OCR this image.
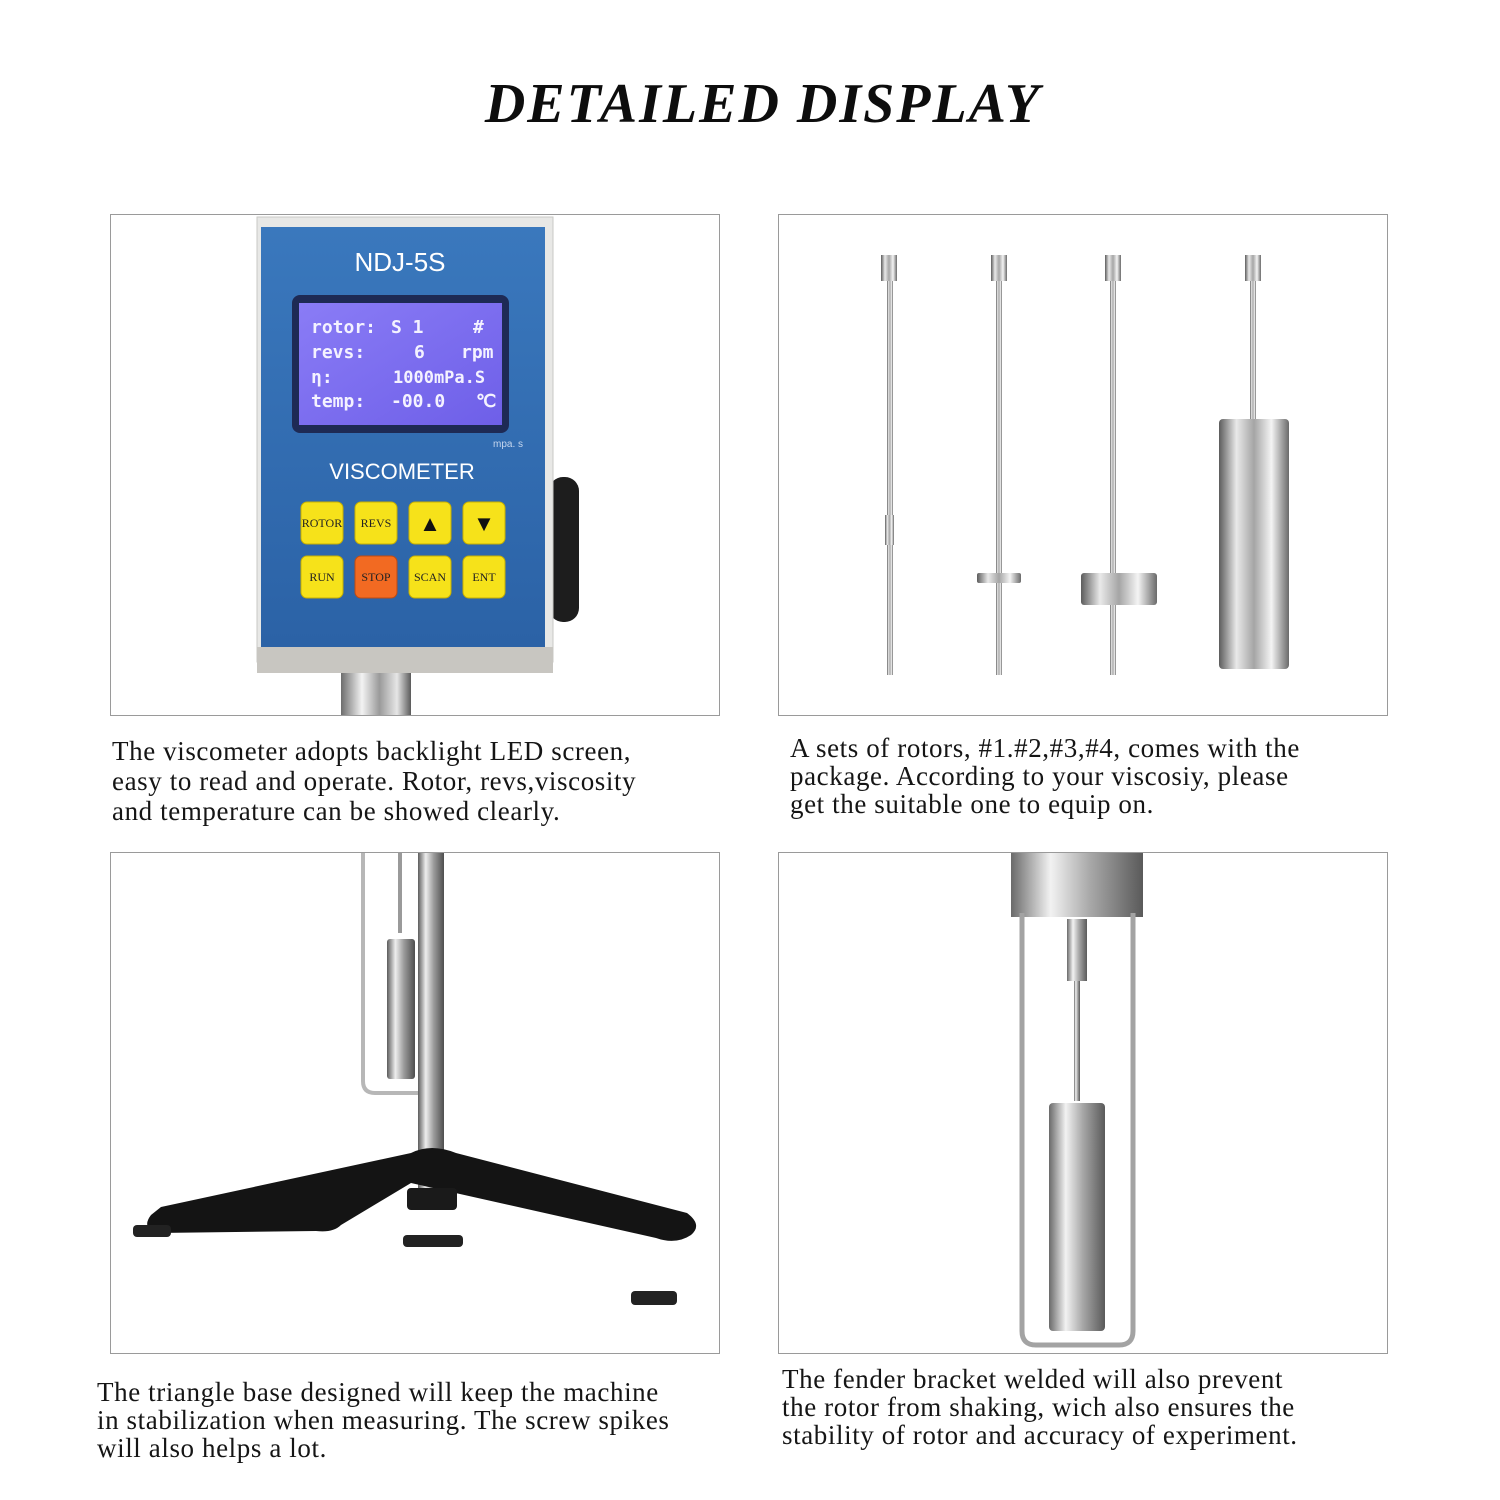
DETAILED DISPLAY
NDJ-5S
rotor: S 1	#
revs:	6 rpm
η:	1000mPa.S
temp: -00.0 ℃
mpa. s
VISCOMETER
ROTOR REVS ▲ ▼
RUN STOP SCAN ENT
The viscometer adopts backlight LED screen,
easy to read and operate. Rotor, revs,viscosity
and temperature can be showed clearly.
A sets of rotors, #1.#2,#3,#4, comes with the
package. According to your viscosiy, please
get the suitable one to equip on.
The triangle base designed will keep the machine
in stabilization when measuring. The screw spikes
will also helps a lot.
The fender bracket welded will also prevent
the rotor from shaking, wich also ensures the
stability of rotor and accuracy of experiment.
